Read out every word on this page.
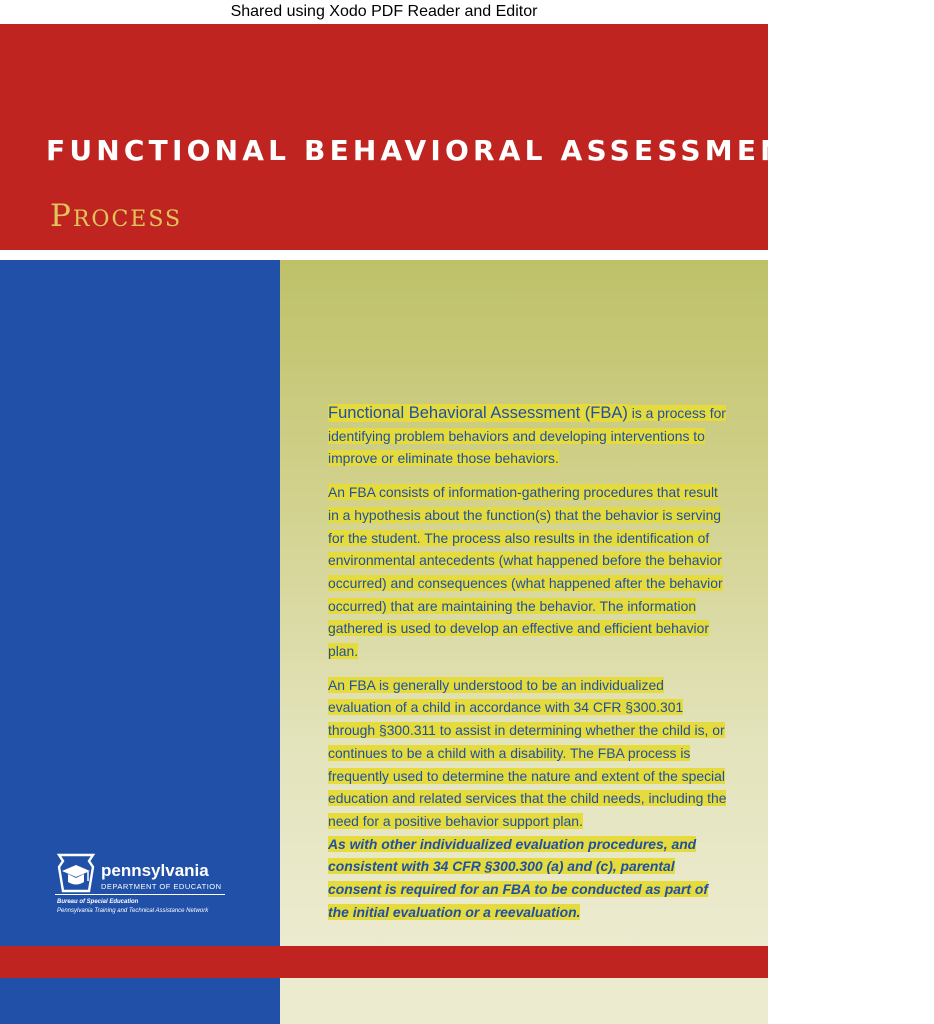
Shared using Xodo PDF Reader and Editor
FUNCTIONAL BEHAVIORAL ASSESSMENT (FBA)
Process
pennsylvania
DEPARTMENT OF EDUCATION
Bureau of Special Education
Pennsylvania Training and Technical Assistance Network

Functional Behavioral Assessment (FBA) is a process for identifying problem behaviors and developing interventions to improve or eliminate those behaviors.

An FBA consists of information-gathering procedures that result in a hypothesis about the function(s) that the behavior is serving for the student. The process also results in the identification of environmental antecedents (what happened before the behavior occurred) and consequences (what happened after the behavior occurred) that are maintaining the behavior. The information gathered is used to develop an effective and efficient behavior plan.

An FBA is generally understood to be an individualized evaluation of a child in accordance with 34 CFR §300.301 through §300.311 to assist in determining whether the child is, or continues to be a child with a disability. The FBA process is frequently used to determine the nature and extent of the special education and related services that the child needs, including the need for a positive behavior support plan.
As with other individualized evaluation procedures, and consistent with 34 CFR §300.300 (a) and (c), parental consent is required for an FBA to be conducted as part of the initial evaluation or a reevaluation.
